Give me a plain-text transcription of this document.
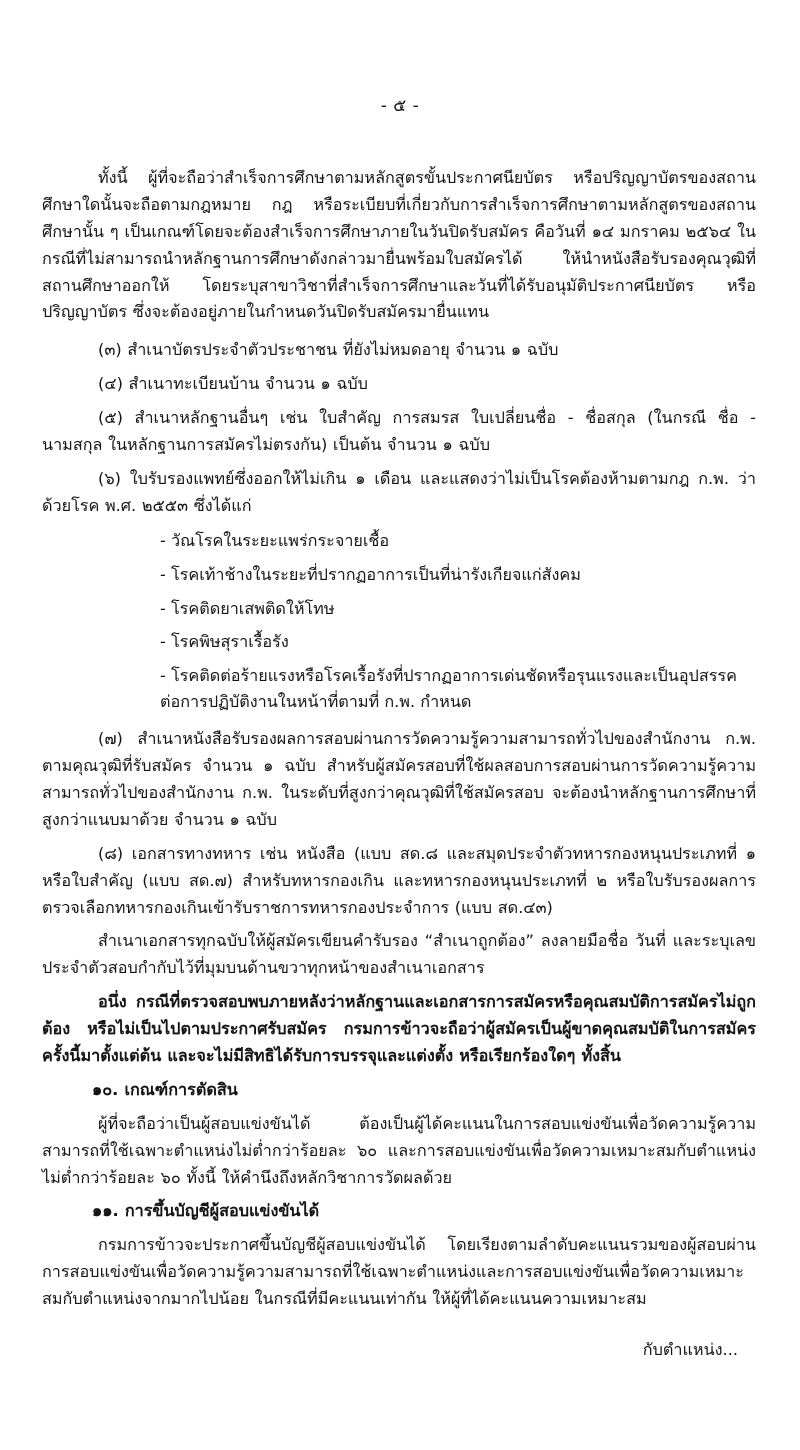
- ๕ -

ทั้งนี้ ผู้ที่จะถือว่าสำเร็จการศึกษาตามหลักสูตรขั้นประกาศนียบัตร หรือปริญญาบัตรของสถานศึกษาใดนั้นจะถือตามกฎหมาย กฎ หรือระเบียบที่เกี่ยวกับการสำเร็จการศึกษาตามหลักสูตรของสถานศึกษานั้น ๆ เป็นเกณฑ์โดยจะต้องสำเร็จการศึกษาภายในวันปิดรับสมัคร คือวันที่ ๑๔ มกราคม ๒๕๖๔ ในกรณีที่ไม่สามารถนำหลักฐานการศึกษาดังกล่าวมายื่นพร้อมใบสมัครได้ ให้นำหนังสือรับรองคุณวุฒิที่สถานศึกษาออกให้ โดยระบุสาขาวิชาที่สำเร็จการศึกษาและวันที่ได้รับอนุมัติประกาศนียบัตร หรือปริญญาบัตร ซึ่งจะต้องอยู่ภายในกำหนดวันปิดรับสมัครมายื่นแทน

(๓) สำเนาบัตรประจำตัวประชาชน ที่ยังไม่หมดอายุ จำนวน ๑ ฉบับ

(๔) สำเนาทะเบียนบ้าน จำนวน ๑ ฉบับ

(๕) สำเนาหลักฐานอื่นๆ เช่น ใบสำคัญ การสมรส ใบเปลี่ยนชื่อ - ชื่อสกุล (ในกรณี ชื่อ - นามสกุล ในหลักฐานการสมัครไม่ตรงกัน) เป็นต้น จำนวน ๑ ฉบับ

(๖) ใบรับรองแพทย์ซึ่งออกให้ไม่เกิน ๑ เดือน และแสดงว่าไม่เป็นโรคต้องห้ามตามกฎ ก.พ. ว่าด้วยโรค พ.ศ. ๒๕๕๓ ซึ่งได้แก่

- วัณโรคในระยะแพร่กระจายเชื้อ
- โรคเท้าช้างในระยะที่ปรากฏอาการเป็นที่น่ารังเกียจแก่สังคม
- โรคติดยาเสพติดให้โทษ
- โรคพิษสุราเรื้อรัง
- โรคติดต่อร้ายแรงหรือโรคเรื้อรังที่ปรากฏอาการเด่นชัดหรือรุนแรงและเป็นอุปสรรคต่อการปฏิบัติงานในหน้าที่ตามที่ ก.พ. กำหนด

(๗) สำเนาหนังสือรับรองผลการสอบผ่านการวัดความรู้ความสามารถทั่วไปของสำนักงาน ก.พ. ตามคุณวุฒิที่รับสมัคร จำนวน ๑ ฉบับ สำหรับผู้สมัครสอบที่ใช้ผลสอบการสอบผ่านการวัดความรู้ความสามารถทั่วไปของสำนักงาน ก.พ. ในระดับที่สูงกว่าคุณวุฒิที่ใช้สมัครสอบ จะต้องนำหลักฐานการศึกษาที่สูงกว่าแนบมาด้วย จำนวน ๑ ฉบับ

(๘) เอกสารทางทหาร เช่น หนังสือ (แบบ สด.๘ และสมุดประจำตัวทหารกองหนุนประเภทที่ ๑ หรือใบสำคัญ (แบบ สด.๗) สำหรับทหารกองเกิน และทหารกองหนุนประเภทที่ ๒ หรือใบรับรองผลการตรวจเลือกทหารกองเกินเข้ารับราชการทหารกองประจำการ (แบบ สด.๔๓)

สำเนาเอกสารทุกฉบับให้ผู้สมัครเขียนคำรับรอง “สำเนาถูกต้อง” ลงลายมือชื่อ วันที่ และระบุเลขประจำตัวสอบกำกับไว้ที่มุมบนด้านขวาทุกหน้าของสำเนาเอกสาร

อนึ่ง กรณีที่ตรวจสอบพบภายหลังว่าหลักฐานและเอกสารการสมัครหรือคุณสมบัติการสมัครไม่ถูกต้อง หรือไม่เป็นไปตามประกาศรับสมัคร กรมการข้าวจะถือว่าผู้สมัครเป็นผู้ขาดคุณสมบัติในการสมัครครั้งนี้มาตั้งแต่ต้น และจะไม่มีสิทธิได้รับการบรรจุและแต่งตั้ง หรือเรียกร้องใดๆ ทั้งสิ้น

๑๐. เกณฑ์การตัดสิน

ผู้ที่จะถือว่าเป็นผู้สอบแข่งขันได้ ต้องเป็นผู้ได้คะแนนในการสอบแข่งขันเพื่อวัดความรู้ความสามารถที่ใช้เฉพาะตำแหน่งไม่ต่ำกว่าร้อยละ ๖๐ และการสอบแข่งขันเพื่อวัดความเหมาะสมกับตำแหน่งไม่ต่ำกว่าร้อยละ ๖๐ ทั้งนี้ ให้คำนึงถึงหลักวิชาการวัดผลด้วย

๑๑. การขึ้นบัญชีผู้สอบแข่งขันได้

กรมการข้าวจะประกาศขึ้นบัญชีผู้สอบแข่งขันได้ โดยเรียงตามลำดับคะแนนรวมของผู้สอบผ่านการสอบแข่งขันเพื่อวัดความรู้ความสามารถที่ใช้เฉพาะตำแหน่งและการสอบแข่งขันเพื่อวัดความเหมาะสมกับตำแหน่งจากมากไปน้อย ในกรณีที่มีคะแนนเท่ากัน ให้ผู้ที่ได้คะแนนความเหมาะสม

กับตำแหน่ง...
